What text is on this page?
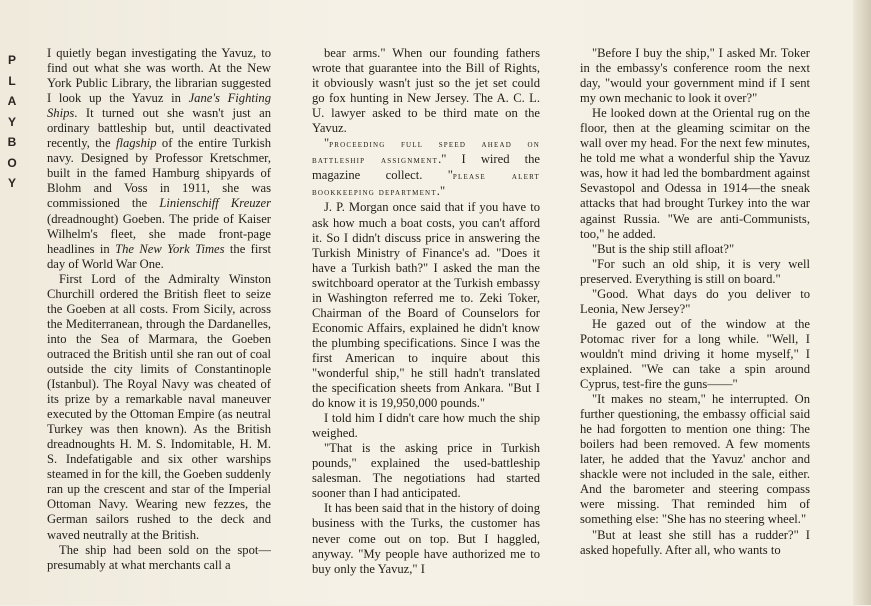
P
L
A
Y
B
O
Y

I quietly began investigating the Yavuz, to find out what she was worth. At the New York Public Library, the librarian suggested I look up the Yavuz in Jane's Fighting Ships. It turned out she wasn't just an ordinary battleship but, until deactivated recently, the flagship of the entire Turkish navy. Designed by Professor Kretschmer, built in the famed Hamburg shipyards of Blohm and Voss in 1911, she was commissioned the Linienschiff Kreuzer (dreadnought) Goeben. The pride of Kaiser Wilhelm's fleet, she made front-page headlines in The New York Times the first day of World War One.

First Lord of the Admiralty Winston Churchill ordered the British fleet to seize the Goeben at all costs. From Sicily, across the Mediterranean, through the Dardanelles, into the Sea of Marmara, the Goeben outraced the British until she ran out of coal outside the city limits of Constantinople (Istanbul). The Royal Navy was cheated of its prize by a remarkable naval maneuver executed by the Ottoman Empire (as neutral Turkey was then known). As the British dreadnoughts H. M. S. Indomitable, H. M. S. Indefatigable and six other warships steamed in for the kill, the Goeben suddenly ran up the crescent and star of the Imperial Ottoman Navy. Wearing new fezzes, the German sailors rushed to the deck and waved neutrally at the British.

The ship had been sold on the spot—presumably at what merchants call a

bear arms." When our founding fathers wrote that guarantee into the Bill of Rights, it obviously wasn't just so the jet set could go fox hunting in New Jersey. The A. C. L. U. lawyer asked to be third mate on the Yavuz.

"proceeding full speed ahead on battleship assignment." I wired the magazine collect. "please alert bookkeeping department."

J. P. Morgan once said that if you have to ask how much a boat costs, you can't afford it. So I didn't discuss price in answering the Turkish Ministry of Finance's ad. "Does it have a Turkish bath?" I asked the man the switchboard operator at the Turkish embassy in Washington referred me to. Zeki Toker, Chairman of the Board of Counselors for Economic Affairs, explained he didn't know the plumbing specifications. Since I was the first American to inquire about this "wonderful ship," he still hadn't translated the specification sheets from Ankara. "But I do know it is 19,950,000 pounds."

I told him I didn't care how much the ship weighed.

"That is the asking price in Turkish pounds," explained the used-battleship salesman. The negotiations had started sooner than I had anticipated.

It has been said that in the history of doing business with the Turks, the customer has never come out on top. But I haggled, anyway. "My people have authorized me to buy only the Yavuz," I

"Before I buy the ship," I asked Mr. Toker in the embassy's conference room the next day, "would your government mind if I sent my own mechanic to look it over?"

He looked down at the Oriental rug on the floor, then at the gleaming scimitar on the wall over my head. For the next few minutes, he told me what a wonderful ship the Yavuz was, how it had led the bombardment against Sevastopol and Odessa in 1914—the sneak attacks that had brought Turkey into the war against Russia. "We are anti-Communists, too," he added.

"But is the ship still afloat?"

"For such an old ship, it is very well preserved. Everything is still on board."

"Good. What days do you deliver to Leonia, New Jersey?"

He gazed out of the window at the Potomac river for a long while. "Well, I wouldn't mind driving it home myself," I explained. "We can take a spin around Cyprus, test-fire the guns——"

"It makes no steam," he interrupted. On further questioning, the embassy official said he had forgotten to mention one thing: The boilers had been removed. A few moments later, he added that the Yavuz' anchor and shackle were not included in the sale, either. And the barometer and steering compass were missing. That reminded him of something else: "She has no steering wheel."

"But at least she still has a rudder?" I asked hopefully. After all, who wants to
